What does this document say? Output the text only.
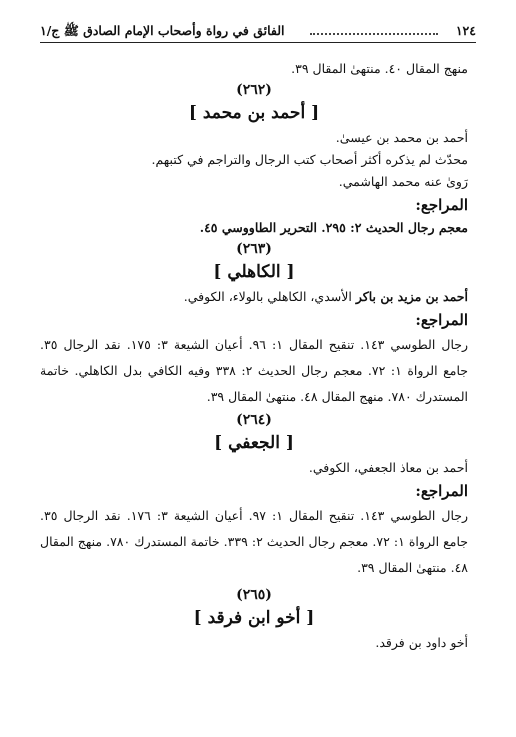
١٢٤
الفائق في رواة وأصحاب الإمام الصادق ﷺ ج/١
منهج المقال ٤٠. منتهىٰ المقال ٣٩.
(٢٦٢)
[ أحمد بن محمد ]
أحمد بن محمد بن عيسىٰ.
محدّث لم يذكره أكثر أصحاب كتب الرجال والتراجم في كتبهم.
رَوىٰ عنه محمد الهاشمي.
المراجع:
معجم رجال الحديث ٢: ٢٩٥. التحرير الطاووسي ٤٥.
(٢٦٣)
[ الكاهلي ]
أحمد بن مزيد بن باكر الأسدي، الكاهلي بالولاء، الكوفي.
المراجع:
رجال الطوسي ١٤٣. تنقيح المقال ١: ٩٦. أعيان الشيعة ٣: ١٧٥. نقد الرجال ٣٥. جامع الرواة ١: ٧٢. معجم رجال الحديث ٢: ٣٣٨ وفيه الكافي بدل الكاهلي. خاتمة المستدرك ٧٨٠. منهج المقال ٤٨. منتهىٰ المقال ٣٩.
(٢٦٤)
[ الجعفي ]
أحمد بن معاذ الجعفي، الكوفي.
المراجع:
رجال الطوسي ١٤٣. تنقيح المقال ١: ٩٧. أعيان الشيعة ٣: ١٧٦. نقد الرجال ٣٥. جامع الرواة ١: ٧٢. معجم رجال الحديث ٢: ٣٣٩. خاتمة المستدرك ٧٨٠. منهج المقال ٤٨. منتهىٰ المقال ٣٩.
(٢٦٥)
[ أخو ابن فرقد ]
أخو داود بن فرقد.
